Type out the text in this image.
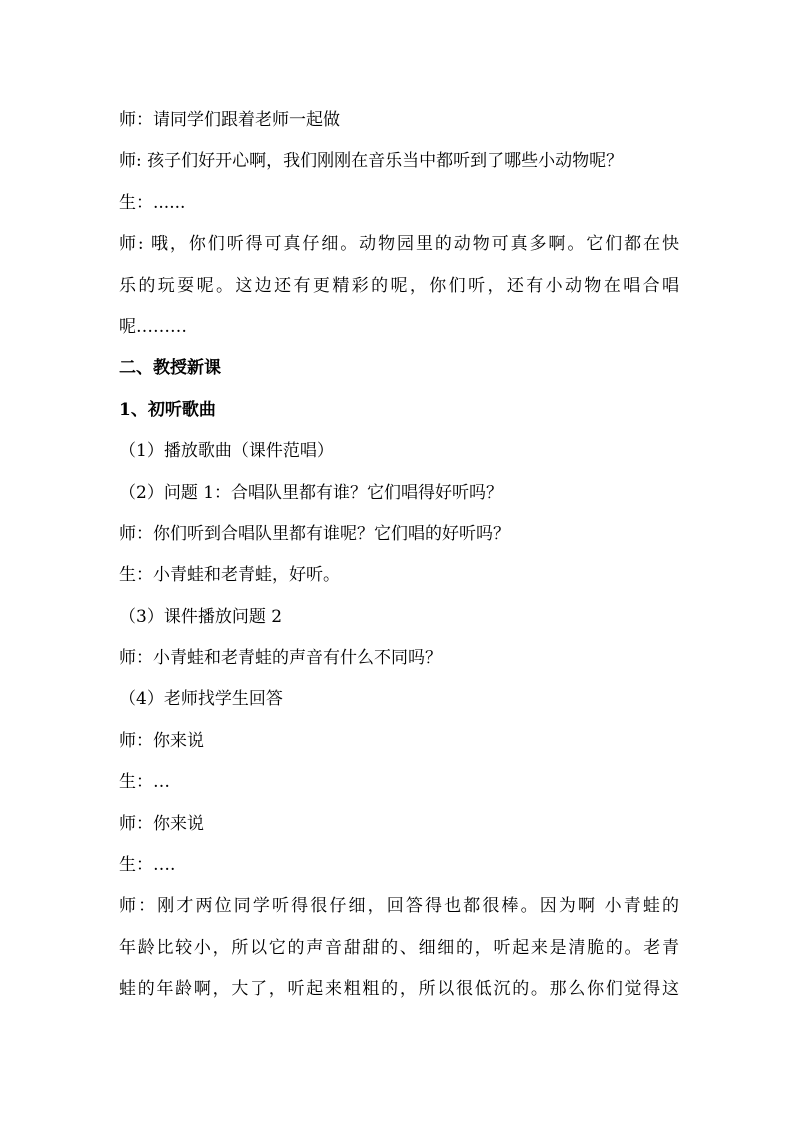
师：请同学们跟着老师一起做
师: 孩子们好开心啊，我们刚刚在音乐当中都听到了哪些小动物呢？
生：......
师: 哦，你们听得可真仔细。动物园里的动物可真多啊。它们都在快
乐的玩耍呢。这边还有更精彩的呢，你们听，还有小动物在唱合唱
呢………
二、教授新课
1、初听歌曲
（1）播放歌曲（课件范唱）
（2）问题 1：合唱队里都有谁？它们唱得好听吗？
师：你们听到合唱队里都有谁呢？它们唱的好听吗？
生：小青蛙和老青蛙，好听。
（3）课件播放问题 2
师：小青蛙和老青蛙的声音有什么不同吗？
（4）老师找学生回答
师：你来说
生：…
师：你来说
生：….
师：刚才两位同学听得很仔细，回答得也都很棒。因为啊 小青蛙的
年龄比较小，所以它的声音甜甜的、细细的，听起来是清脆的。老青
蛙的年龄啊，大了，听起来粗粗的，所以很低沉的。那么你们觉得这
